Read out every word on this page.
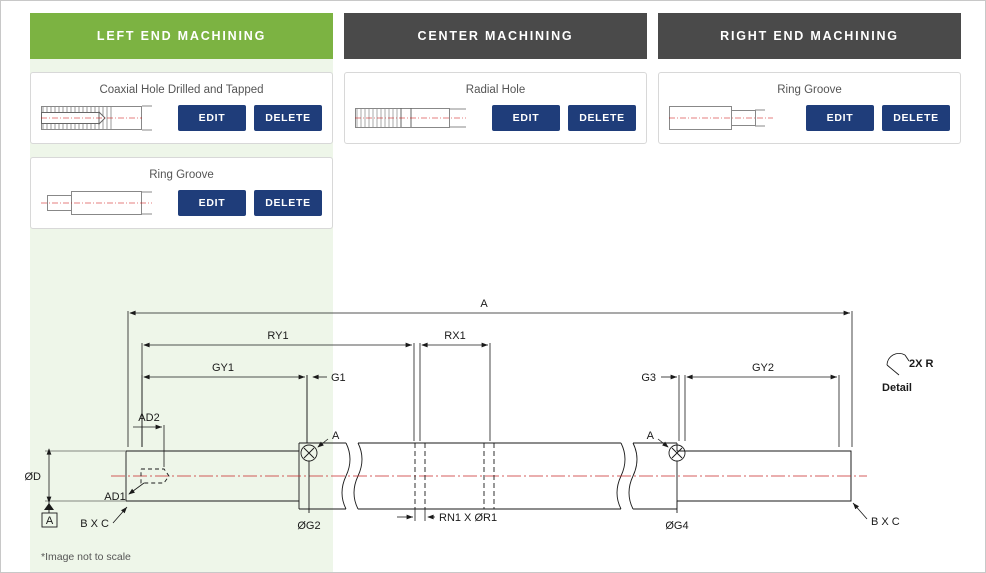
LEFT END MACHINING
Coaxial Hole Drilled and Tapped
EDIT	DELETE
Ring Groove
EDIT	DELETE
CENTER MACHINING
Radial Hole
EDIT	DELETE
RIGHT END MACHINING
Ring Groove
EDIT	DELETE
A
RY1	RX1
GY1
G1
GY2
G3
AD2
AD1
ØD
A B X C	B X C
A	A
ØG2	ØG4
RN1 X ØR1
2X R
Detail
*Image not to scale
